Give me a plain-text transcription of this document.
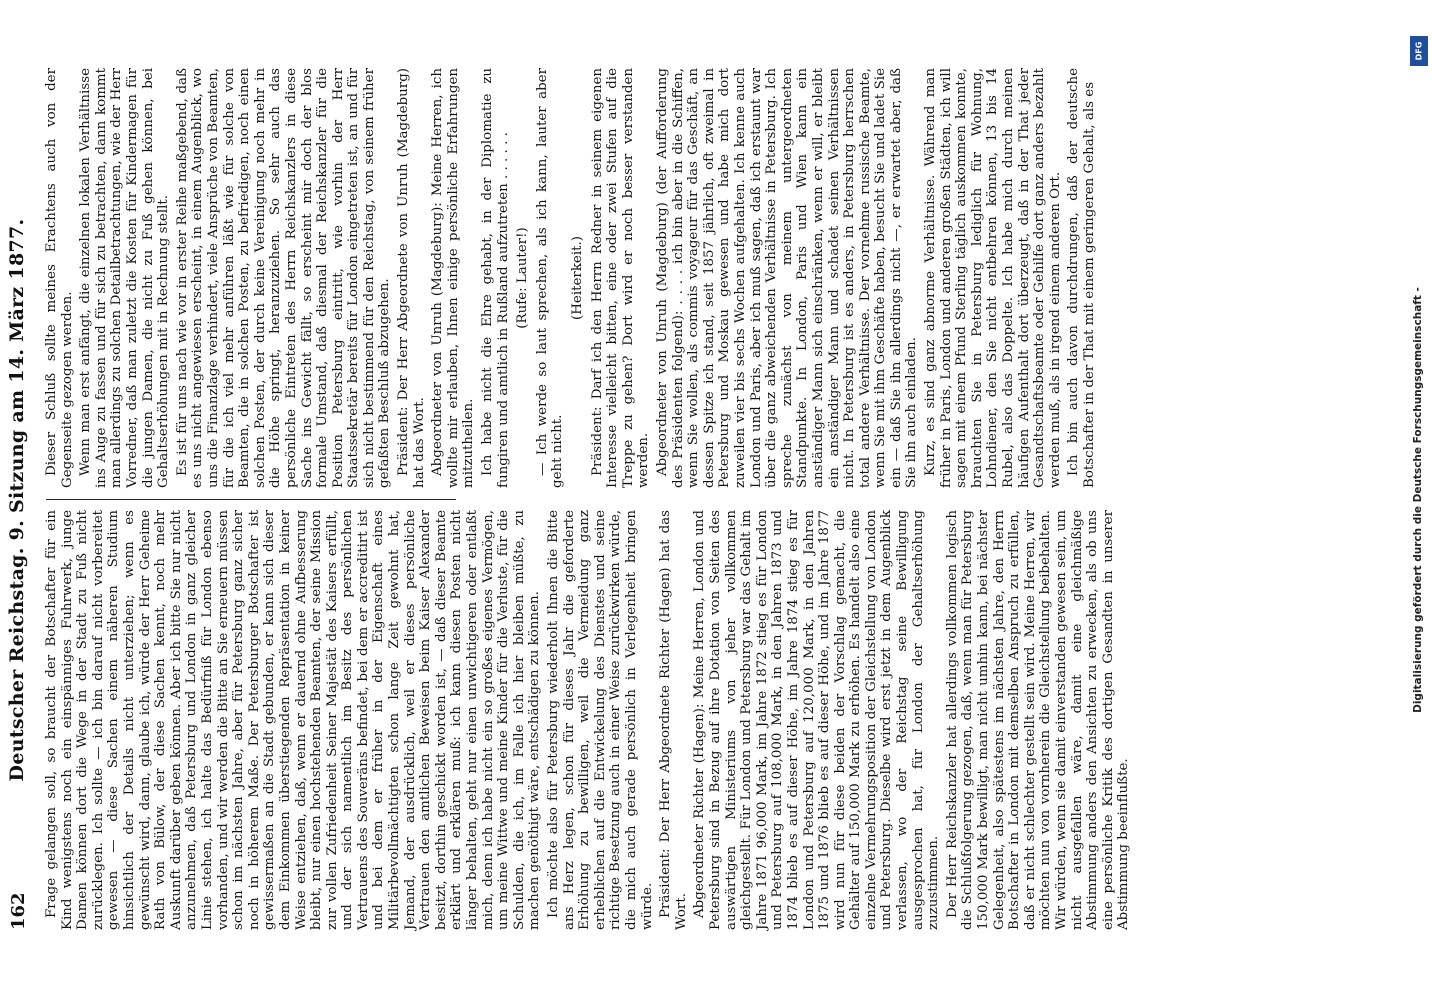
162
Deutscher Reichstag. 9. Sitzung am 14. März 1877. Frage gelangen soll, so braucht der Botschafter für ein Kind wenigstens noch ein einspänniges Fuhrwerk, junge Damen können dort die Wege in der Stadt zu Fuß nicht zurücklegen. Ich sollte — ich bin darauf nicht vorbereitet gewesen — diese Sachen einem näheren Studium hinsichtlich der Details nicht unterziehen; wenn es gewünscht wird, dann, glaube ich, würde der Herr Geheime Rath von Bülow, der diese Sachen kennt, noch mehr Auskunft darüber geben können. Aber ich bitte Sie nur nicht anzunehmen, daß Petersburg und London in ganz gleicher Linie stehen, ich halte das Bedürfniß für London ebenso vorhanden, und wir werden die Bitte an Sie erneuern müssen schon im nächsten Jahre, aber für Petersburg ganz sicher noch in höherem Maße. Der Petersburger Botschafter ist gewissermaßen an die Stadt gebunden, er kann sich dieser dem Einkommen überstiegenden Repräsentation in keiner Weise entziehen, daß, wenn er dauernd ohne Aufbesserung bleibt, nur einen hochstehenden Beamten, der seine Mission zur vollen Zufriedenheit Seiner Majestät des Kaisers erfüllt, und der sich namentlich im Besitz des persönlichen Vertrauens des Souveräns befindet, bei dem er accreditirt ist und bei dem er früher in der Eigenschaft eines Militärbevollmächtigten schon lange Zeit gewohnt hat, Jemand, der ausdrücklich, weil er dieses persönliche Vertrauen den amtlichen Beweisen beim Kaiser Alexander besitzt, dorthin geschickt worden ist, — daß dieser Beamte erklärt und erklären muß: ich kann diesen Posten nicht länger behalten, geht nur einen unwichtigeren oder entlaßt mich, denn ich habe nicht ein so großes eigenes Vermögen, um meine Wittwe und meine Kinder für die Verluste, für die Schulden, die ich, im Falle ich hier bleiben müßte, zu machen genöthigt wäre, entschädigen zu können. Ich möchte also für Petersburg wiederholt Ihnen die Bitte ans Herz legen, schon für dieses Jahr die geforderte Erhöhung zu bewilligen, weil die Vermeidung ganz erheblichen auf die Entwickelung des Dienstes und seine richtige Besetzung auch in einer Weise zurückwirken würde, die mich auch gerade persönlich in Verlegenheit bringen würde. Präsident: Der Herr Abgeordnete Richter (Hagen) hat das Wort. Abgeordneter Richter (Hagen): Meine Herren, London und Petersburg sind in Bezug auf ihre Dotation von Seiten des auswärtigen Ministeriums von jeher vollkommen gleichgestellt. Für London und Petersburg war das Gehalt im Jahre 1871 96,000 Mark, im Jahre 1872 stieg es für London und Petersburg auf 108,000 Mark, in den Jahren 1873 und 1874 blieb es auf dieser Höhe, im Jahre 1874 stieg es für London und Petersburg auf 120,000 Mark, in den Jahren 1875 und 1876 blieb es auf dieser Höhe, und im Jahre 1877 wird nun für diese beiden der Vorschlag gemacht, die Gehälter auf 150,000 Mark zu erhöhen. Es handelt also eine einzelne Vermehrungsposition der Gleichstellung von London und Petersburg. Dieselbe wird erst jetzt in dem Augenblick verlassen, wo der Reichstag seine Bewilligung ausgesprochen hat, für London der Gehaltserhöhung zuzustimmen. Der Herr Reichskanzler hat allerdings vollkommen logisch die Schlußfolgerung gezogen, daß, wenn man für Petersburg 150,000 Mark bewilligt, man nicht umhin kann, bei nächster Gelegenheit, also spätestens im nächsten Jahre, den Herrn Botschafter in London mit demselben Anspruch zu erfüllen, daß er nicht schlechter gestellt sein wird. Meine Herren, wir möchten nun von vornherein die Gleichstellung beibehalten. Wir würden, wenn sie damit einverstanden gewesen sein, um nicht ausgefallen wäre, damit eine gleichmäßige Abstimmung anders den Ansichten zu erwecken, als ob uns eine persönliche Kritik des dortigen Gesandten in unserer Abstimmung beeinflußte.

Dieser Schluß sollte meines Erachtens auch von der Gegenseite gezogen werden. Wenn man erst anfängt, die einzelnen lokalen Verhältnisse ins Auge zu fassen und für sich zu betrachten, dann kommt man allerdings zu solchen Detailbetrachtungen, wie der Herr Vorredner, daß man zuletzt die Kosten für Kindermagen für die jungen Damen, die nicht zu Fuß gehen können, bei Gehaltserhöhungen mit in Rechnung stellt. Es ist für uns nach wie vor in erster Reihe maßgebend, daß es uns nicht angewiesen erscheint, in einem Augenblick, wo uns die Finanzlage verhindert, viele Ansprüche von Beamten, für die ich viel mehr anführen läßt wie für solche von Beamten, die in solchen Posten, zu befriedigen, noch einen solchen Posten, der durch keine Vereinigung noch mehr in die Höhe springt, heranzuziehen. So sehr auch das persönliche Eintreten des Herrn Reichskanzlers in diese Sache ins Gewicht fällt, so erscheint mir doch der blos formale Umstand, daß diesmal der Reichskanzler für die Position Petersburg eintritt, wie vorhin der Herr Staatssekretär bereits für London eingetreten ist, an und für sich nicht bestimmend für den Reichstag, von seinem früher gefaßten Beschluß abzugehen. Präsident: Der Herr Abgeordnete von Unruh (Magdeburg) hat das Wort. Abgeordneter von Unruh (Magdeburg): Meine Herren, ich wollte mir erlauben, Ihnen einige persönliche Erfahrungen mitzutheilen. Ich habe nicht die Ehre gehabt, in der Diplomatie zu fungiren und amtlich in Rußland aufzutreten . . . . . . (Rufe: Lauter!) — Ich werde so laut sprechen, als ich kann, lauter aber geht nicht.

(Heiterkeit.) Präsident: Darf ich den Herrn Redner in seinem eigenen Interesse vielleicht bitten, eine oder zwei Stufen auf die Treppe zu gehen? Dort wird er noch besser verstanden werden. Abgeordneter von Unruh (Magdeburg) (der Aufforderung des Präsidenten folgend): . . . . ich bin aber in die Schiffen, wenn Sie wollen, als commis voyageur für das Geschäft, an dessen Spitze ich stand, seit 1857 jährlich, oft zweimal in Petersburg und Moskau gewesen und habe mich dort zuweilen vier bis sechs Wochen aufgehalten. Ich kenne auch London und Paris, aber ich muß sagen, daß ich erstaunt war über die ganz abweichenden Verhältnisse in Petersburg. Ich spreche zunächst von meinem untergeordneten Standpunkte. In London, Paris und Wien kann ein anständiger Mann sich einschränken, wenn er will, er bleibt ein anständiger Mann und schadet seinen Verhältnissen nicht. In Petersburg ist es anders, in Petersburg herrschen total andere Verhältnisse. Der vornehme russische Beamte, wenn Sie mit ihm Geschäfte haben, besucht Sie und ladet Sie ein — daß Sie ihn allerdings nicht —, er erwartet aber, daß Sie ihn auch einladen. Kurz, es sind ganz abnorme Verhältnisse. Während man früher in Paris, London und anderen großen Städten, ich will sagen mit einem Pfund Sterling täglich auskommen konnte, brauchten Sie in Petersburg lediglich für Wohnung, Lohndiener, den Sie nicht entbehren können, 13 bis 14 Rubel, also das Doppelte. Ich habe mich durch meinen häufigen Aufenthalt dort überzeugt, daß in der That jeder Gesandtschaftsbeamte oder Gehilfe dort ganz anders bezahlt werden muß, als in irgend einem anderen Ort. Ich bin auch davon durchdrungen, daß der deutsche Botschafter in der That mit einem geringeren Gehalt, als es

Digitalisierung gefördert durch die Deutsche Forschungsgemeinschaft -
DFG
